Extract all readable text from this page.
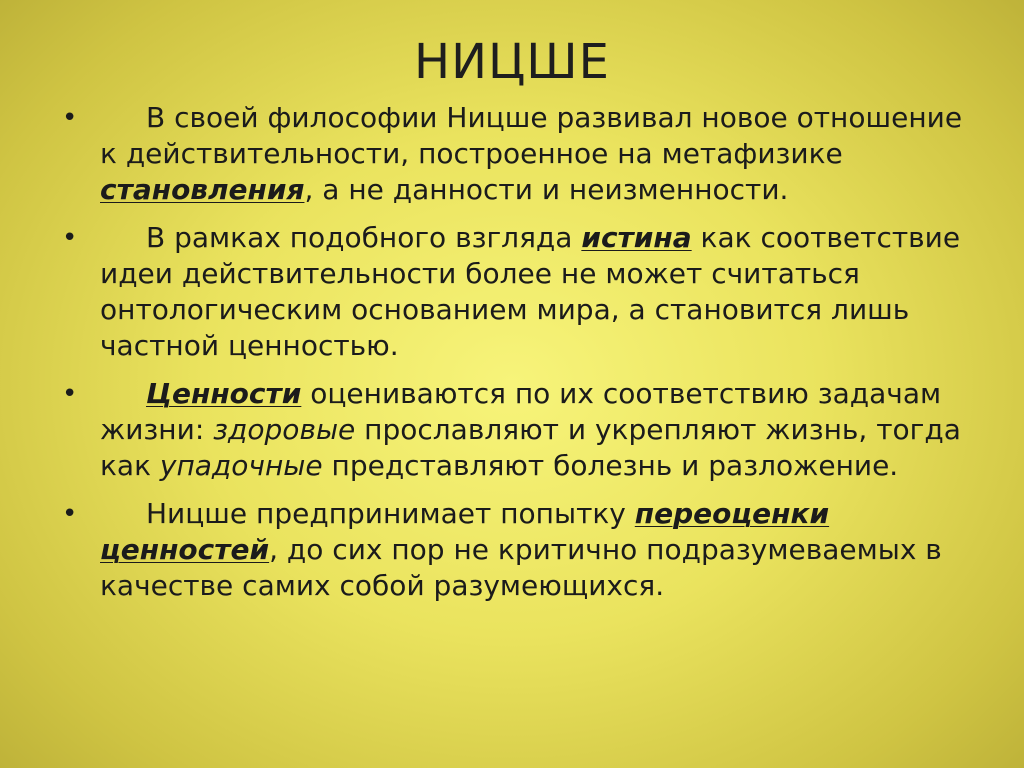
НИЦШЕ
• В своей философии Ницше развивал новое отношение к действительности, построенное на метафизике становления, а не данности и неизменности.
• В рамках подобного взгляда истина как соответствие идеи действительности более не может считаться онтологическим основанием мира, а становится лишь частной ценностью.
• Ценности оцениваются по их соответствию задачам жизни: здоровые прославляют и укрепляют жизнь, тогда как упадочные представляют болезнь и разложение.
• Ницше предпринимает попытку переоценки ценностей, до сих пор не критично подразумеваемых в качестве самих собой разумеющихся.
